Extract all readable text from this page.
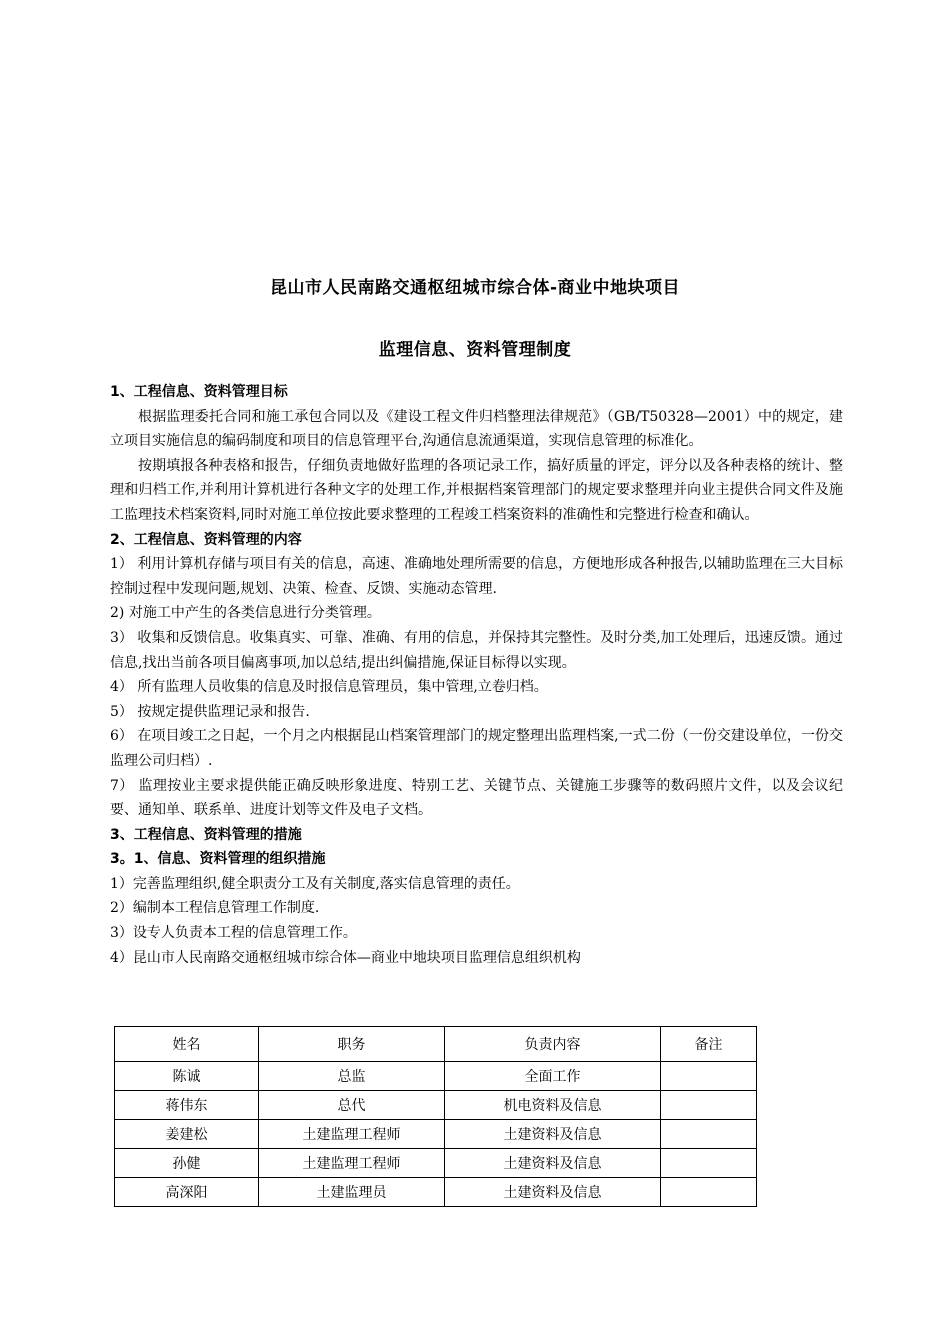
昆山市人民南路交通枢纽城市综合体-商业中地块项目
监理信息、资料管理制度

1、工程信息、资料管理目标

根据监理委托合同和施工承包合同以及《建设工程文件归档整理法律规范》（GB/T50328—2001）中的规定，建立项目实施信息的编码制度和项目的信息管理平台,沟通信息流通渠道，实现信息管理的标准化。

按期填报各种表格和报告，仔细负责地做好监理的各项记录工作，搞好质量的评定，评分以及各种表格的统计、整理和归档工作,并利用计算机进行各种文字的处理工作,并根据档案管理部门的规定要求整理并向业主提供合同文件及施工监理技术档案资料,同时对施工单位按此要求整理的工程竣工档案资料的准确性和完整进行检查和确认。

2、工程信息、资料管理的内容

1） 利用计算机存储与项目有关的信息，高速、准确地处理所需要的信息，方便地形成各种报告,以辅助监理在三大目标控制过程中发现问题,规划、决策、检查、反馈、实施动态管理.

2) 对施工中产生的各类信息进行分类管理。

3） 收集和反馈信息。收集真实、可靠、准确、有用的信息，并保持其完整性。及时分类,加工处理后，迅速反馈。通过信息,找出当前各项目偏离事项,加以总结,提出纠偏措施,保证目标得以实现。

4） 所有监理人员收集的信息及时报信息管理员，集中管理,立卷归档。

5） 按规定提供监理记录和报告.

6） 在项目竣工之日起，一个月之内根据昆山档案管理部门的规定整理出监理档案,一式二份（一份交建设单位，一份交监理公司归档）.

7） 监理按业主要求提供能正确反映形象进度、特别工艺、关键节点、关键施工步骤等的数码照片文件，以及会议纪要、通知单、联系单、进度计划等文件及电子文档。

3、工程信息、资料管理的措施

3。1、信息、资料管理的组织措施

1）完善监理组织,健全职责分工及有关制度,落实信息管理的责任。

2）编制本工程信息管理工作制度.

3）设专人负责本工程的信息管理工作。

4）昆山市人民南路交通枢纽城市综合体—商业中地块项目监理信息组织机构

姓名	职务	负责内容	备注
陈诚	总监	全面工作	
蒋伟东	总代	机电资料及信息	
姜建松	土建监理工程师	土建资料及信息	
孙健	土建监理工程师	土建资料及信息	
高深阳	土建监理员	土建资料及信息	
